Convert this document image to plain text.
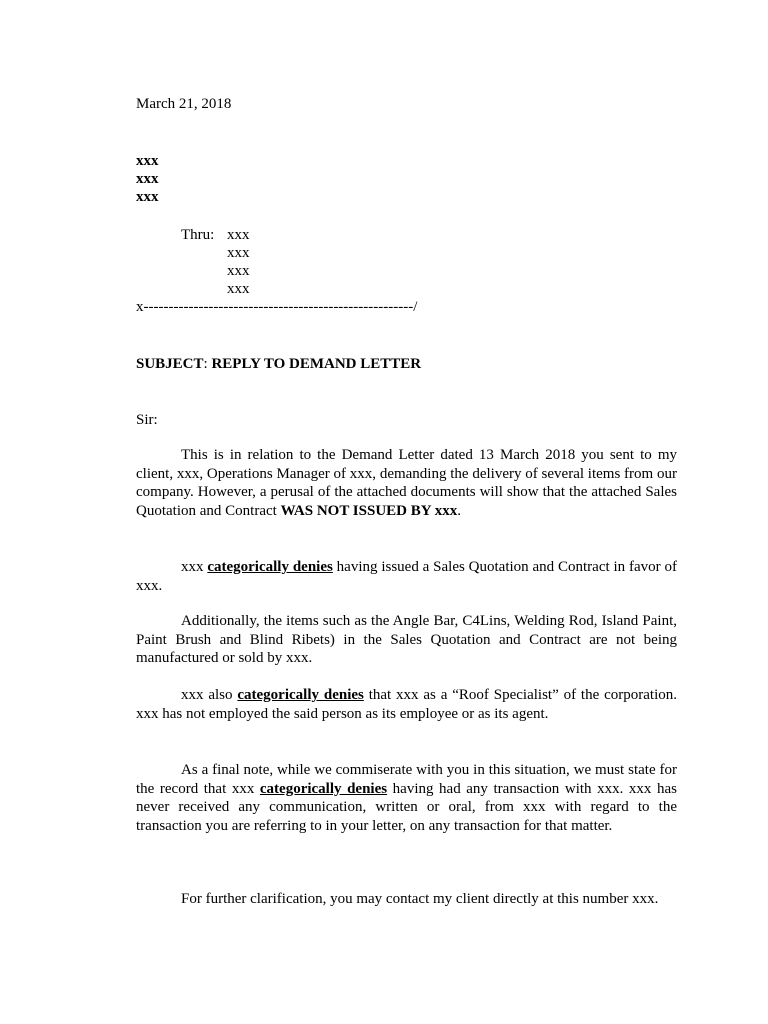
March 21, 2018
xxx
xxx
xxx
Thru: xxx
xxx
xxx
xxx
x------------------------------------------------------/
SUBJECT: REPLY TO DEMAND LETTER
Sir:
This is in relation to the Demand Letter dated 13 March 2018 you sent to my client, xxx, Operations Manager of xxx, demanding the delivery of several items from our company. However, a perusal of the attached documents will show that the attached Sales Quotation and Contract WAS NOT ISSUED BY xxx.
xxx categorically denies having issued a Sales Quotation and Contract in favor of xxx.
Additionally, the items such as the Angle Bar, C4Lins, Welding Rod, Island Paint, Paint Brush and Blind Ribets) in the Sales Quotation and Contract are not being manufactured or sold by xxx.
xxx also categorically denies that xxx as a “Roof Specialist” of the corporation. xxx has not employed the said person as its employee or as its agent.
As a final note, while we commiserate with you in this situation, we must state for the record that xxx categorically denies having had any transaction with xxx. xxx has never received any communication, written or oral, from xxx with regard to the transaction you are referring to in your letter, on any transaction for that matter.
For further clarification, you may contact my client directly at this number xxx.
